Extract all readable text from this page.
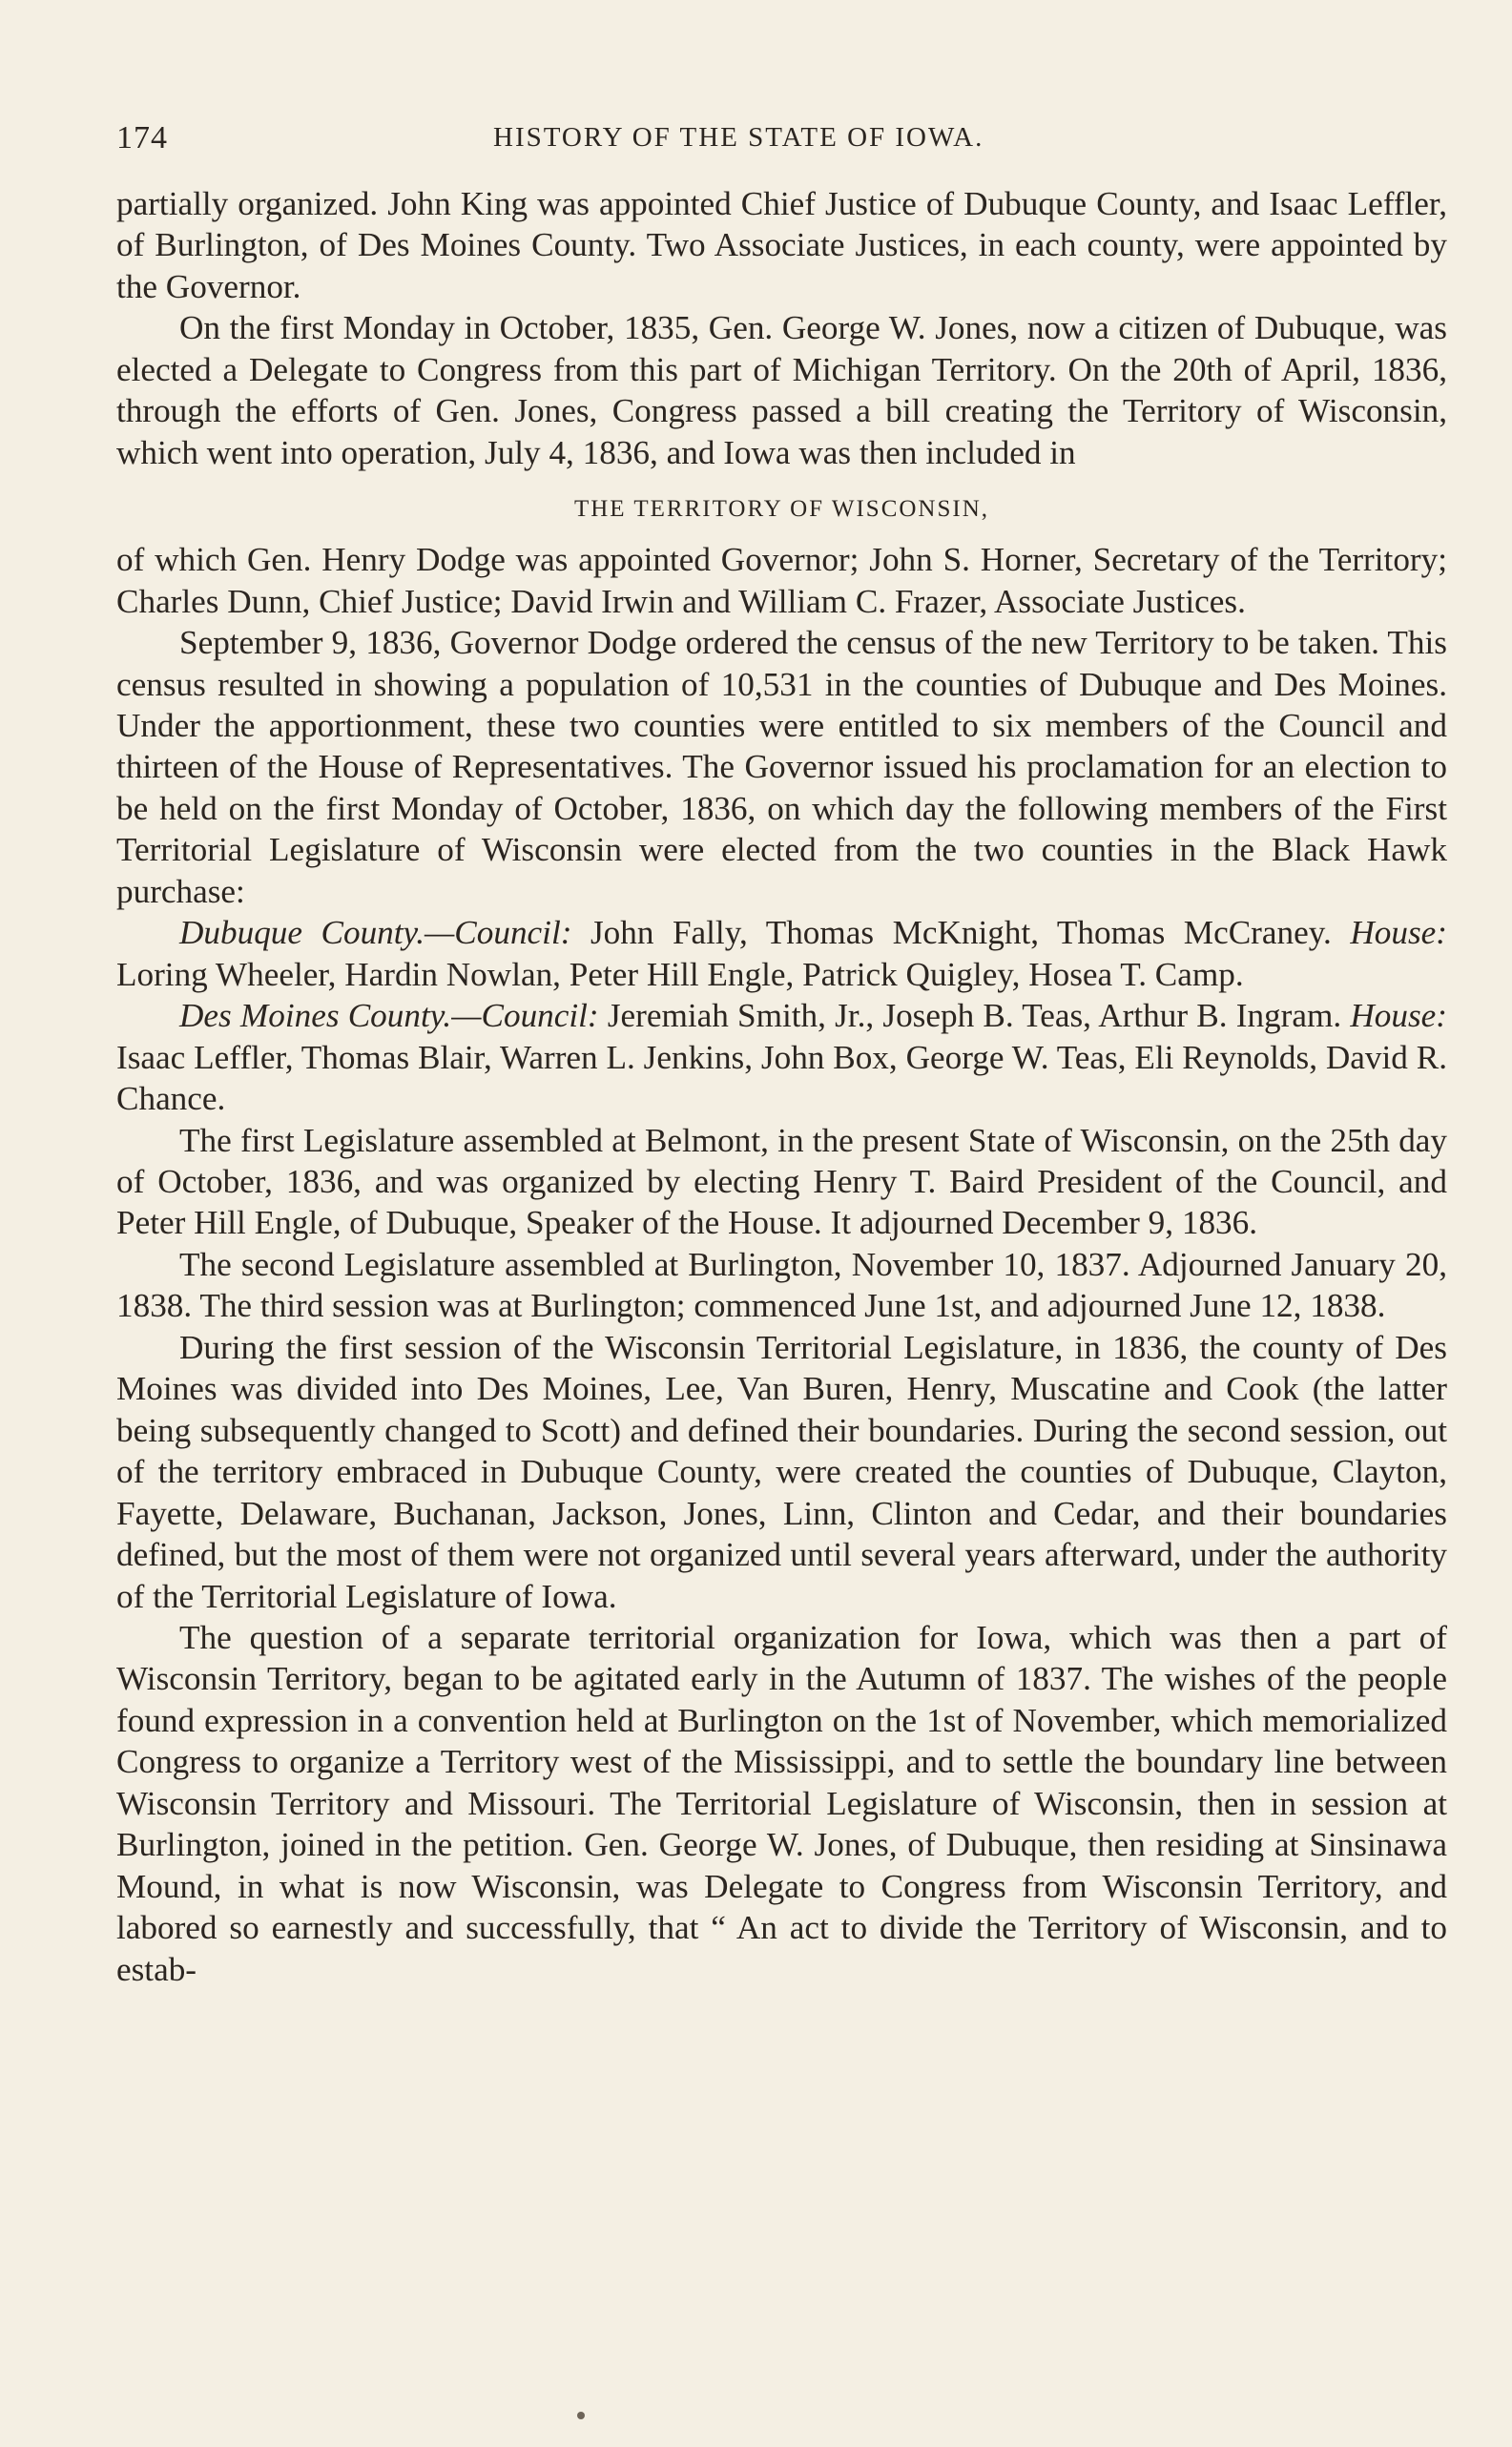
174	HISTORY OF THE STATE OF IOWA.

partially organized. John King was appointed Chief Justice of Dubuque County, and Isaac Leffler, of Burlington, of Des Moines County. Two Associate Justices, in each county, were appointed by the Governor.

On the first Monday in October, 1835, Gen. George W. Jones, now a citizen of Dubuque, was elected a Delegate to Congress from this part of Michigan Territory. On the 20th of April, 1836, through the efforts of Gen. Jones, Congress passed a bill creating the Territory of Wisconsin, which went into operation, July 4, 1836, and Iowa was then included in

THE TERRITORY OF WISCONSIN,

of which Gen. Henry Dodge was appointed Governor; John S. Horner, Secretary of the Territory; Charles Dunn, Chief Justice; David Irwin and William C. Frazer, Associate Justices.

September 9, 1836, Governor Dodge ordered the census of the new Territory to be taken. This census resulted in showing a population of 10,531 in the counties of Dubuque and Des Moines. Under the apportionment, these two counties were entitled to six members of the Council and thirteen of the House of Representatives. The Governor issued his proclamation for an election to be held on the first Monday of October, 1836, on which day the following members of the First Territorial Legislature of Wisconsin were elected from the two counties in the Black Hawk purchase:

Dubuque County.—Council: John Fally, Thomas McKnight, Thomas McCraney. House: Loring Wheeler, Hardin Nowlan, Peter Hill Engle, Patrick Quigley, Hosea T. Camp.

Des Moines County.—Council: Jeremiah Smith, Jr., Joseph B. Teas, Arthur B. Ingram. House: Isaac Leffler, Thomas Blair, Warren L. Jenkins, John Box, George W. Teas, Eli Reynolds, David R. Chance.

The first Legislature assembled at Belmont, in the present State of Wisconsin, on the 25th day of October, 1836, and was organized by electing Henry T. Baird President of the Council, and Peter Hill Engle, of Dubuque, Speaker of the House. It adjourned December 9, 1836.

The second Legislature assembled at Burlington, November 10, 1837. Adjourned January 20, 1838. The third session was at Burlington; commenced June 1st, and adjourned June 12, 1838.

During the first session of the Wisconsin Territorial Legislature, in 1836, the county of Des Moines was divided into Des Moines, Lee, Van Buren, Henry, Muscatine and Cook (the latter being subsequently changed to Scott) and defined their boundaries. During the second session, out of the territory embraced in Dubuque County, were created the counties of Dubuque, Clayton, Fayette, Delaware, Buchanan, Jackson, Jones, Linn, Clinton and Cedar, and their boundaries defined, but the most of them were not organized until several years afterward, under the authority of the Territorial Legislature of Iowa.

The question of a separate territorial organization for Iowa, which was then a part of Wisconsin Territory, began to be agitated early in the Autumn of 1837. The wishes of the people found expression in a convention held at Burlington on the 1st of November, which memorialized Congress to organize a Territory west of the Mississippi, and to settle the boundary line between Wisconsin Territory and Missouri. The Territorial Legislature of Wisconsin, then in session at Burlington, joined in the petition. Gen. George W. Jones, of Dubuque, then residing at Sinsinawa Mound, in what is now Wisconsin, was Delegate to Congress from Wisconsin Territory, and labored so earnestly and successfully, that “ An act to divide the Territory of Wisconsin, and to estab-
